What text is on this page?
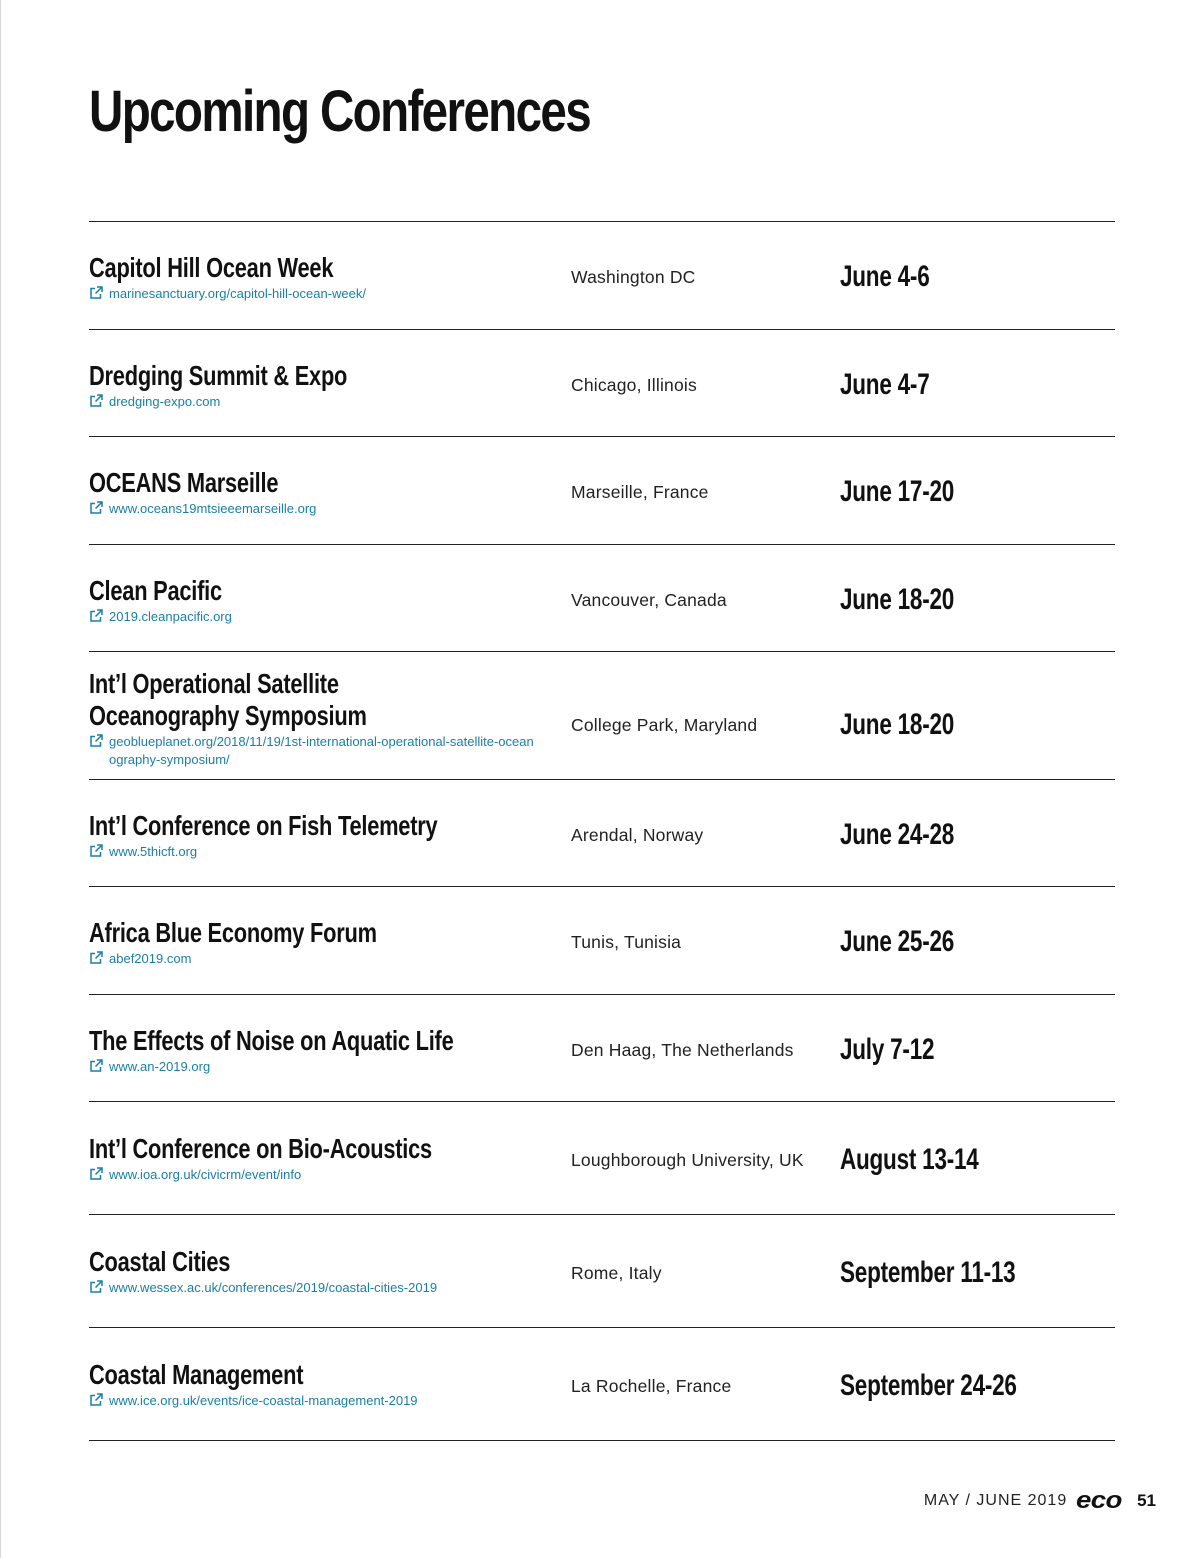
Upcoming Conferences
Capitol Hill Ocean Week
marinesanctuary.org/capitol-hill-ocean-week/
Washington DC	June 4-6
Dredging Summit & Expo
dredging-expo.com
Chicago, Illinois	June 4-7
OCEANS Marseille
www.oceans19mtsieeemarseille.org
Marseille, France	June 17-20
Clean Pacific
2019.cleanpacific.org
Vancouver, Canada	June 18-20
Int’l Operational Satellite Oceanography Symposium
geoblueplanet.org/2018/11/19/1st-international-operational-satellite-oceanography-symposium/
College Park, Maryland	June 18-20
Int’l Conference on Fish Telemetry
www.5thicft.org
Arendal, Norway	June 24-28
Africa Blue Economy Forum
abef2019.com
Tunis, Tunisia	June 25-26
The Effects of Noise on Aquatic Life
www.an-2019.org
Den Haag, The Netherlands July 7-12
Int’l Conference on Bio-Acoustics
www.ioa.org.uk/civicrm/event/info
Loughborough University, UK August 13-14
Coastal Cities
www.wessex.ac.uk/conferences/2019/coastal-cities-2019
Rome, Italy	September 11-13
Coastal Management
www.ice.org.uk/events/ice-coastal-management-2019
La Rochelle, France	September 24-26
MAY / JUNE 2019 eco 51
